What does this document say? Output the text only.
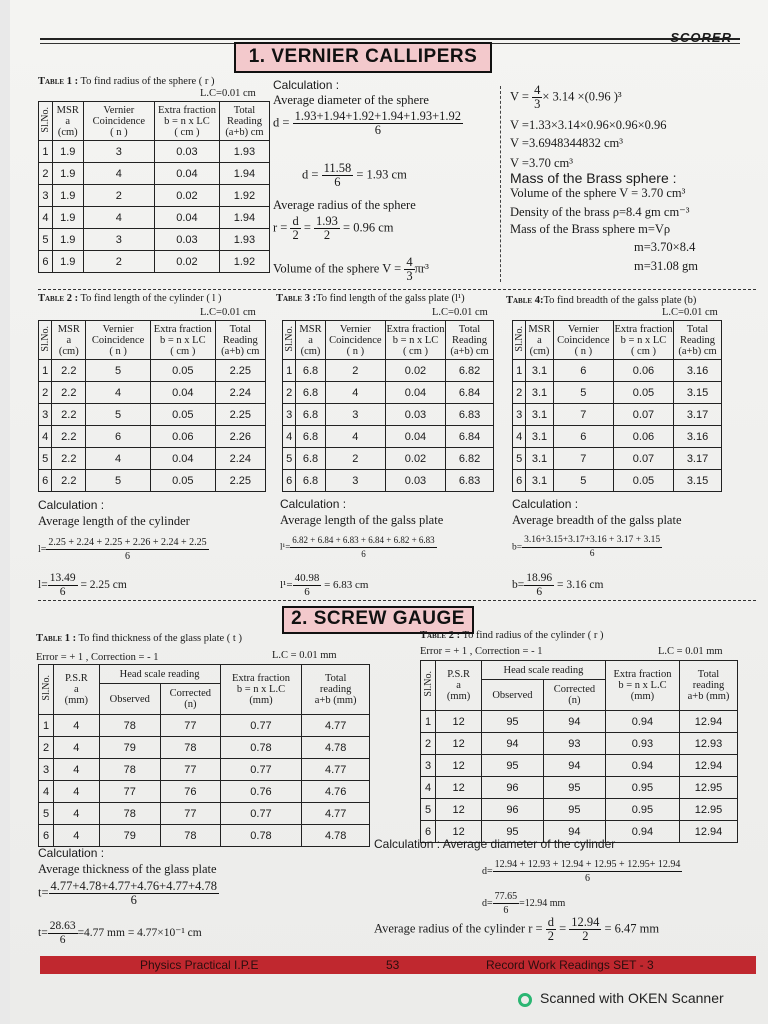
SCORER
1. VERNIER CALLIPERS
Table 1 : To find radius of the sphere ( r )
L.C=0.01 cm
Sl.No.	MSR
a
(cm)	Vernier
Coincidence
( n )	Extra fraction
b = n x LC
( cm )	Total
Reading
(a+b) cm
1	1.9	3	0.03	1.93
2	1.9	4	0.04	1.94
3	1.9	2	0.02	1.92
4	1.9	4	0.04	1.94
5	1.9	3	0.03	1.93
6	1.9	2	0.02	1.92
Calculation :
Average diameter of the sphere
$d = \frac{1.93+1.94+1.92+1.94+1.93+1.92}{6}$
$d = \frac{11.58}{6} = 1.93$ cm
Average radius of the sphere
$r = \frac{d}{2} = \frac{1.93}{2} = 0.96$ cm
Volume of the sphere $V = \frac{4}{3} \pi r^3$
$V = \frac{4}{3} \times 3.14 \times(0.96$ )³
V =1.33×3.14×0.96×0.96×0.96
V =3.6948344832 cm³
V =3.70 cm³
Mass of the Brass sphere :
Volume of the sphere V = 3.70 cm³
Density of the brass ρ=8.4 gm cm⁻³
Mass of the Brass sphere m=Vρ
m=3.70×8.4
m=31.08 gm
Table 2 : To find length of the cylinder ( l )
L.C=0.01 cm
Table 3 :To find length of the galss plate (l¹)
L.C=0.01 cm
Table 4:To find breadth of the galss plate (b)
L.C=0.01 cm
Sl.No.	MSR
a
(cm)	Vernier
Coincidence
( n )	Extra fraction
b = n x LC
( cm )	Total
Reading
(a+b) cm
1	2.2	5	0.05	2.25
2	2.2	4	0.04	2.24
3	2.2	5	0.05	2.25
4	2.2	6	0.06	2.26
5	2.2	4	0.04	2.24
6	2.2	5	0.05	2.25
Sl.No.	MSR
a
(cm)	Vernier
Coincidence
( n )	Extra fraction
b = n x LC
( cm )	Total
Reading
(a+b) cm
1	6.8	2	0.02	6.82
2	6.8	4	0.04	6.84
3	6.8	3	0.03	6.83
4	6.8	4	0.04	6.84
5	6.8	2	0.02	6.82
6	6.8	3	0.03	6.83
Sl.No.	MSR
a
(cm)	Vernier
Coincidence
( n )	Extra fraction
b = n x LC
( cm )	Total
Reading
(a+b) cm
1	3.1	6	0.06	3.16
2	3.1	5	0.05	3.15
3	3.1	7	0.07	3.17
4	3.1	6	0.06	3.16
5	3.1	7	0.07	3.17
6	3.1	5	0.05	3.15
Calculation :
Average length of the cylinder
$l= \frac{2.25 + 2.24 + 2.25 + 2.26 + 2.24 + 2.25}{6}$
$l= \frac{13.49}{6} = 2.25$ cm
Calculation :
Average length of the galss plate
$l^1= \frac{6.82 + 6.84 + 6.83 + 6.84 + 6.82 + 6.83}{6}$
$l^1= \frac{40.98}{6} = 6.83$ cm
Calculation :
Average breadth of the galss plate
$b= \frac{3.16+3.15+3.17+3.16 + 3.17 + 3.15}{6}$
$b= \frac{18.96}{6} = 3.16$ cm
2. SCREW GAUGE
Table 1 : To find thickness of the glass plate ( t )
Error = + 1 , Correction = - 1	L.C = 0.01 mm
Table 2 : To find radius of the cylinder ( r )
Error = + 1 , Correction = - 1	L.C = 0.01 mm
Sl.No.	P.S.R
a
(mm)	Head scale reading		Extra fraction
b = n x L.C
(mm)	Total
reading
a+b (mm)
		Observed	Corrected
(n)		
1	4	78	77	0.77	4.77
2	4	79	78	0.78	4.78
3	4	78	77	0.77	4.77
4	4	77	76	0.76	4.76
5	4	78	77	0.77	4.77
6	4	79	78	0.78	4.78
Sl.No.	P.S.R
a
(mm)	Head scale reading		Extra fraction
b = n x L.C
(mm)	Total
reading
a+b (mm)
		Observed	Corrected
(n)		
1	12	95	94	0.94	12.94
2	12	94	93	0.93	12.93
3	12	95	94	0.94	12.94
4	12	96	95	0.95	12.95
5	12	96	95	0.95	12.95
6	12	95	94	0.94	12.94
Calculation :
Average thickness of the glass plate
$t= \frac{4.77+4.78+4.77+4.76+4.77+4.78}{6}$
$t= \frac{28.63}{6} =4.77$ mm = 4.77×10⁻¹ cm
Calculation : Average diameter of the cylinder
$d= \frac{12.94 + 12.93 + 12.94 + 12.95 + 12.95+ 12.94}{6}$
$d= \frac{77.65}{6} =12.94$ mm
Average radius of the cylinder $r = \frac{d}{2} = \frac{12.94}{2} = 6.47$ mm
Physics Practical I.P.E	53	Record Work Readings SET - 3
Scanned with OKEN Scanner
